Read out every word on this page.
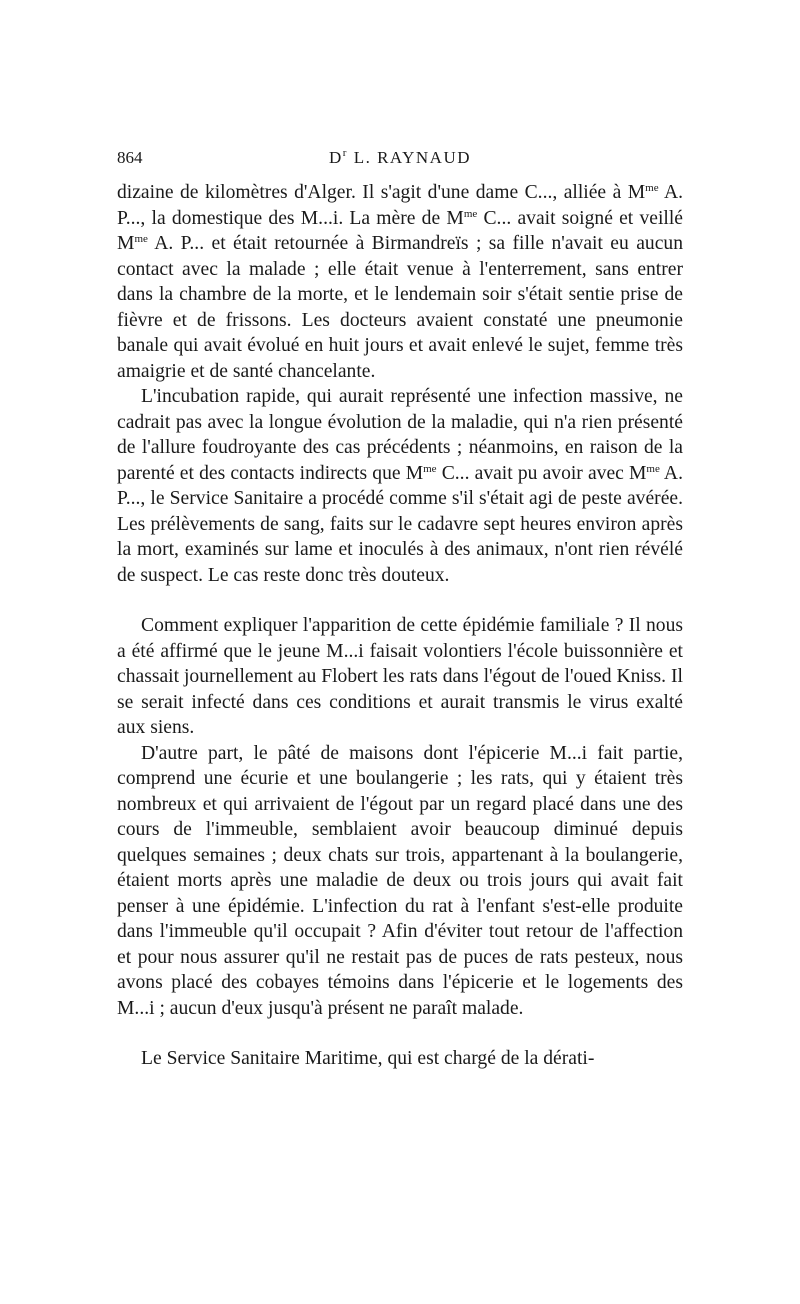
864	$D^r$ L. RAYNAUD

dizaine de kilomètres d'Alger. Il s'agit d'une dame C..., alliée à $M^{me}$ A. P..., la domestique des M...i. La mère de $M^{me}$ C... avait soigné et veillé $M^{me}$ A. P... et était retournée à Birmandreïs ; sa fille n'avait eu aucun contact avec la malade ; elle était venue à l'enterrement, sans entrer dans la chambre de la morte, et le lendemain soir s'était sentie prise de fièvre et de frissons. Les docteurs avaient constaté une pneumonie banale qui avait évolué en huit jours et avait enlevé le sujet, femme très amaigrie et de santé chancelante.

L'incubation rapide, qui aurait représenté une infection massive, ne cadrait pas avec la longue évolution de la maladie, qui n'a rien présenté de l'allure foudroyante des cas précédents ; néanmoins, en raison de la parenté et des contacts indirects que $M^{me}$ C... avait pu avoir avec $M^{me}$ A. P..., le Service Sanitaire a procédé comme s'il s'était agi de peste avérée. Les prélèvements de sang, faits sur le cadavre sept heures environ après la mort, examinés sur lame et inoculés à des animaux, n'ont rien révélé de suspect. Le cas reste donc très douteux.

Comment expliquer l'apparition de cette épidémie familiale ? Il nous a été affirmé que le jeune M...i faisait volontiers l'école buissonnière et chassait journellement au Flobert les rats dans l'égout de l'oued Kniss. Il se serait infecté dans ces conditions et aurait transmis le virus exalté aux siens.

D'autre part, le pâté de maisons dont l'épicerie M...i fait partie, comprend une écurie et une boulangerie ; les rats, qui y étaient très nombreux et qui arrivaient de l'égout par un regard placé dans une des cours de l'immeuble, semblaient avoir beaucoup diminué depuis quelques semaines ; deux chats sur trois, appartenant à la boulangerie, étaient morts après une maladie de deux ou trois jours qui avait fait penser à une épidémie. L'infection du rat à l'enfant s'est-elle produite dans l'immeuble qu'il occupait ? Afin d'éviter tout retour de l'affection et pour nous assurer qu'il ne restait pas de puces de rats pesteux, nous avons placé des cobayes témoins dans l'épicerie et le logements des M...i ; aucun d'eux jusqu'à présent ne paraît malade.

Le Service Sanitaire Maritime, qui est chargé de la dérati-
